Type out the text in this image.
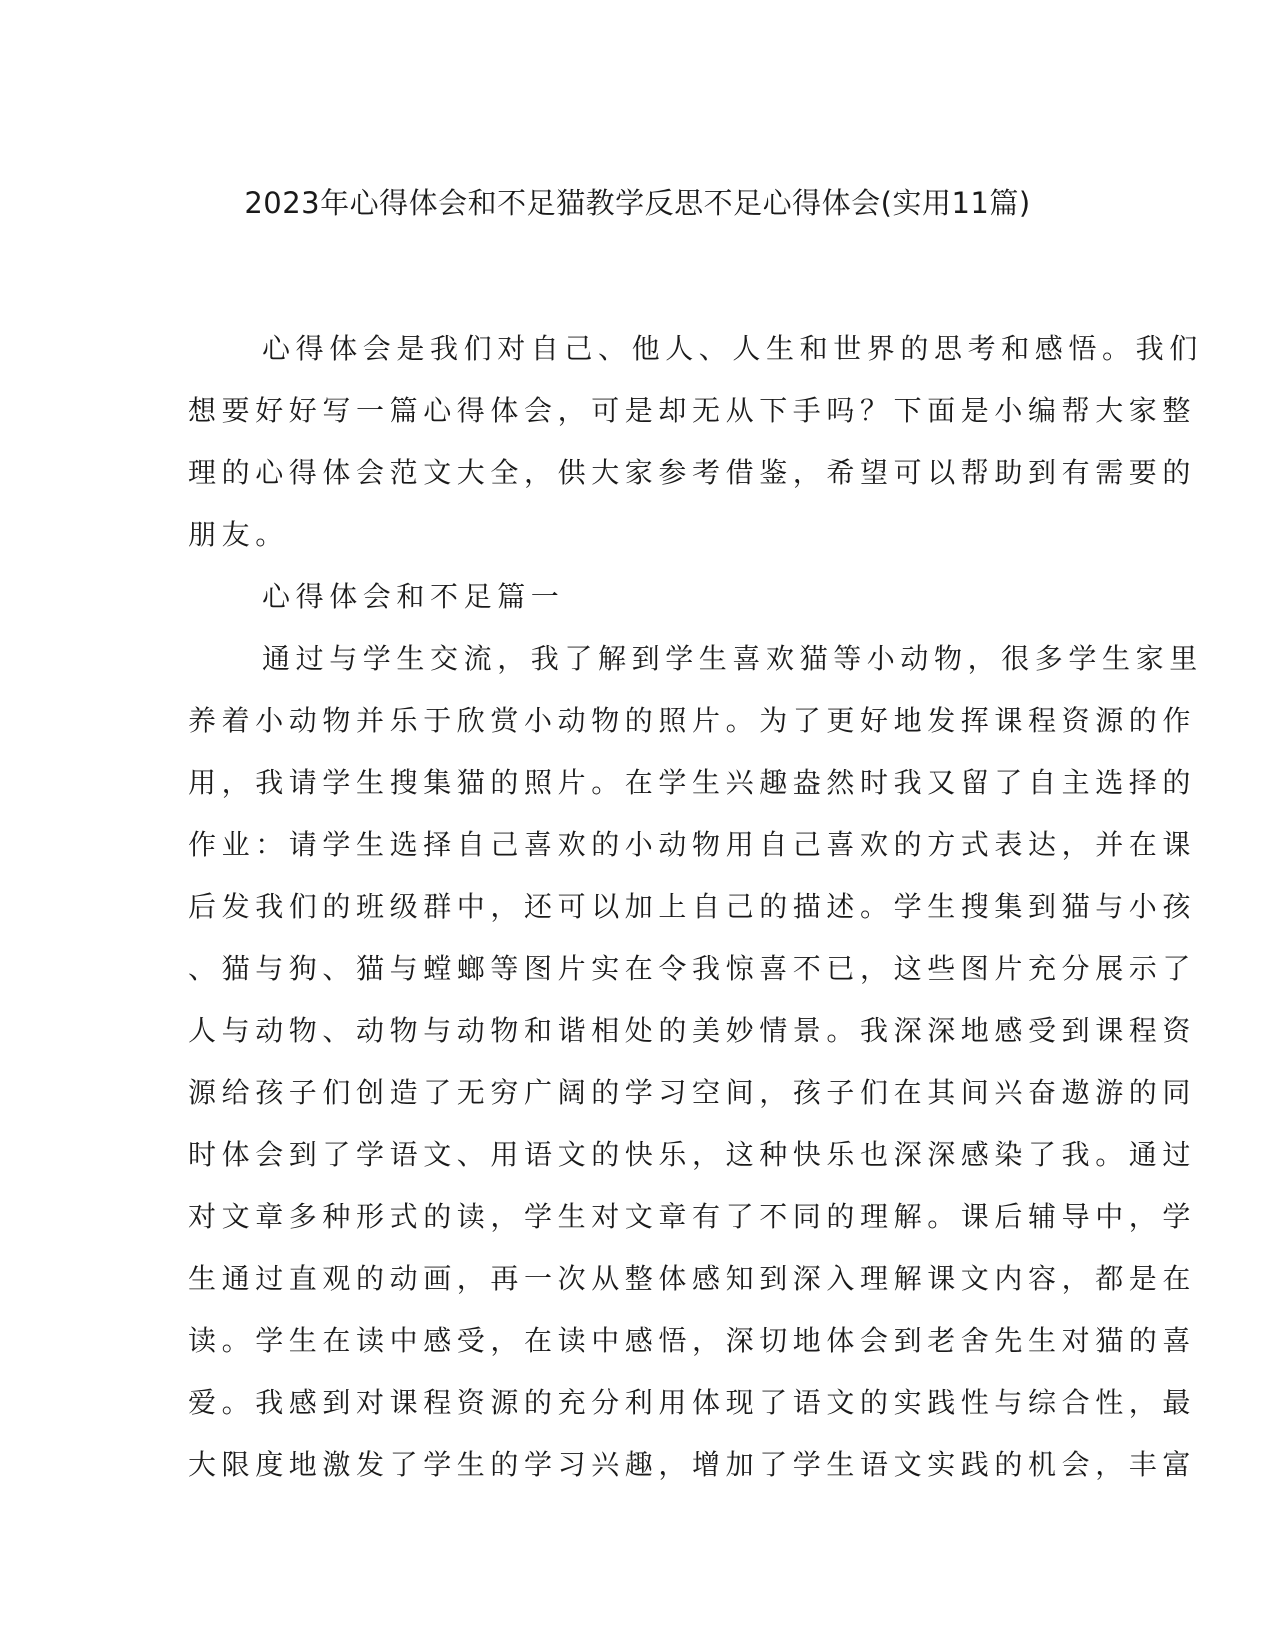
2023年心得体会和不足猫教学反思不足心得体会(实用11篇)
心得体会是我们对自己、他人、人生和世界的思考和感悟。我们
想要好好写一篇心得体会，可是却无从下手吗？下面是小编帮大家整
理的心得体会范文大全，供大家参考借鉴，希望可以帮助到有需要的
朋友。
心得体会和不足篇一
通过与学生交流，我了解到学生喜欢猫等小动物，很多学生家里
养着小动物并乐于欣赏小动物的照片。为了更好地发挥课程资源的作
用，我请学生搜集猫的照片。在学生兴趣盎然时我又留了自主选择的
作业：请学生选择自己喜欢的小动物用自己喜欢的方式表达，并在课
后发我们的班级群中，还可以加上自己的描述。学生搜集到猫与小孩
、猫与狗、猫与螳螂等图片实在令我惊喜不已，这些图片充分展示了
人与动物、动物与动物和谐相处的美妙情景。我深深地感受到课程资
源给孩子们创造了无穷广阔的学习空间，孩子们在其间兴奋遨游的同
时体会到了学语文、用语文的快乐，这种快乐也深深感染了我。通过
对文章多种形式的读，学生对文章有了不同的理解。课后辅导中，学
生通过直观的动画，再一次从整体感知到深入理解课文内容，都是在
读。学生在读中感受，在读中感悟，深切地体会到老舍先生对猫的喜
爱。我感到对课程资源的充分利用体现了语文的实践性与综合性，最
大限度地激发了学生的学习兴趣，增加了学生语文实践的机会，丰富
